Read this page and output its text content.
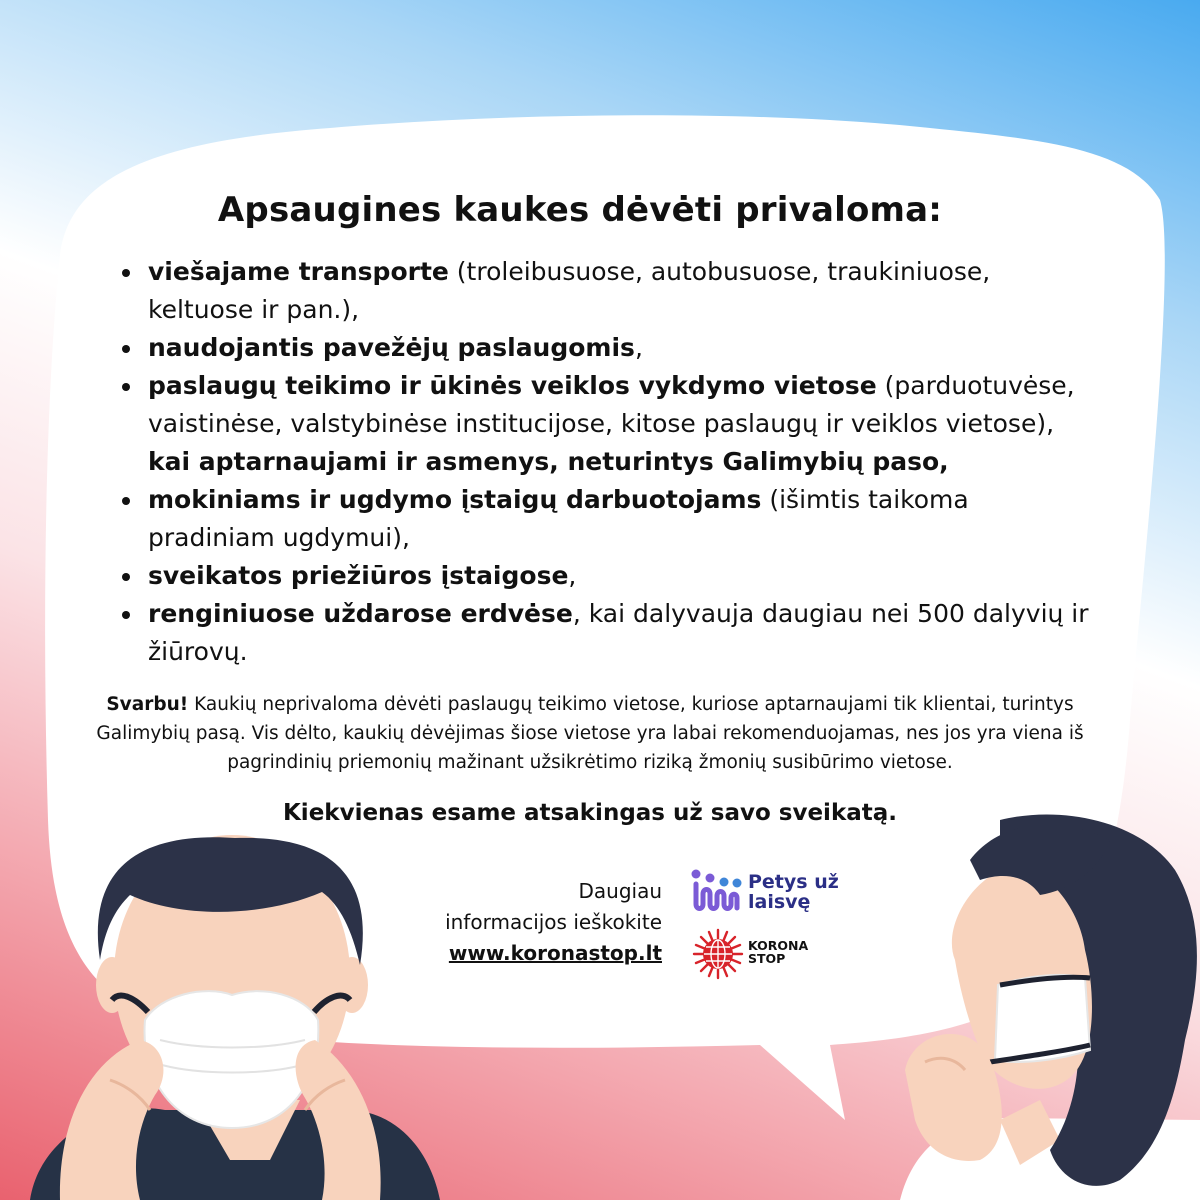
Apsaugines kaukes dėvėti privaloma:
viešajame transporte (troleibusuose, autobusuose, traukiniuose, keltuose ir pan.),
naudojantis pavežėjų paslaugomis,
paslaugų teikimo ir ūkinės veiklos vykdymo vietose (parduotuvėse, vaistinėse, valstybinėse institucijose, kitose paslaugų ir veiklos vietose),
kai aptarnaujami ir asmenys, neturintys Galimybių paso,
mokiniams ir ugdymo įstaigų darbuotojams (išimtis taikoma pradiniam ugdymui),
sveikatos priežiūros įstaigose,
renginiuose uždarose erdvėse, kai dalyvauja daugiau nei 500 dalyvių ir žiūrovų.
Svarbu! Kaukių neprivaloma dėvėti paslaugų teikimo vietose, kuriose aptarnaujami tik klientai, turintys Galimybių pasą. Vis dėlto, kaukių dėvėjimas šiose vietose yra labai rekomenduojamas, nes jos yra viena iš pagrindinių priemonių mažinant užsikrėtimo riziką žmonių susibūrimo vietose.
Kiekvienas esame atsakingas už savo sveikatą.
Daugiau
informacijos ieškokite
www.koronastop.lt
Petys už
laisvę
KORONA
STOP
